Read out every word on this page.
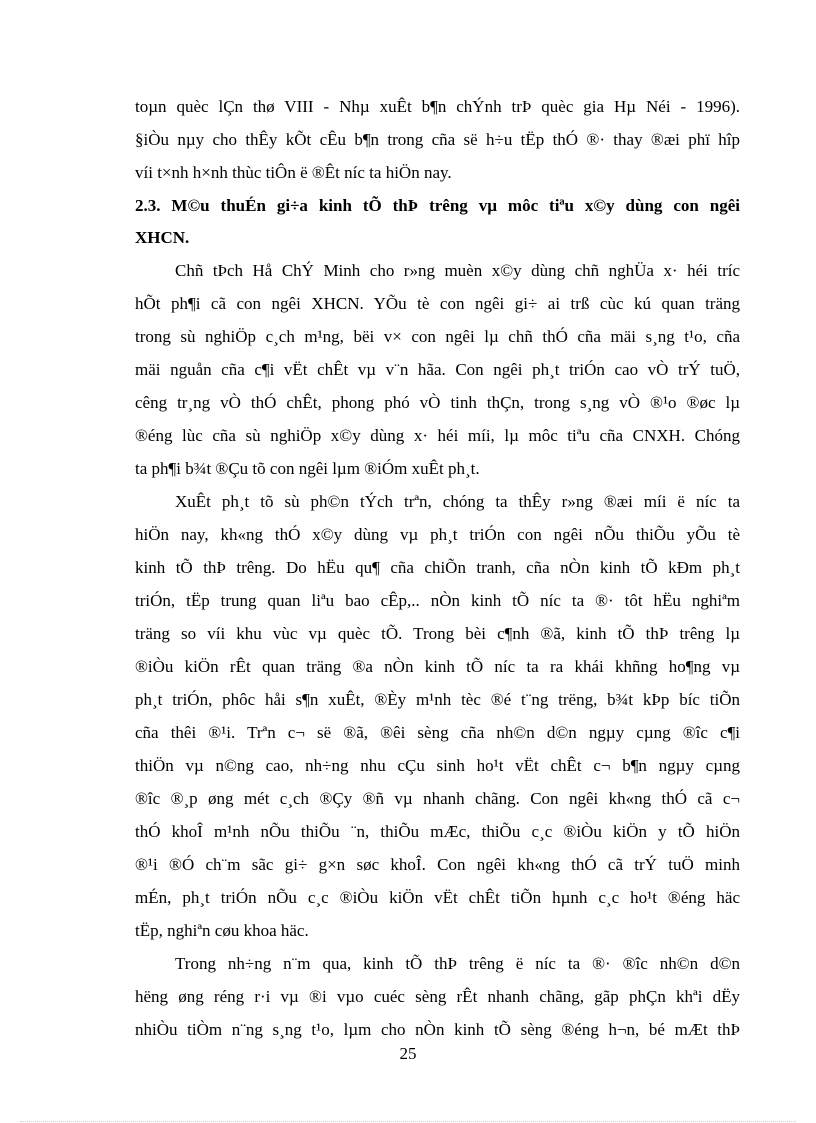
toµn quèc lÇn thø VIII - Nhµ xuÊt b¶n chÝnh trÞ quèc gia Hµ Néi - 1996).
§iÒu nµy cho thÊy kÕt cÊu b¶n trong cña së h÷u tËp thÓ ®· thay ®æi phï hîp
víi t×nh h×nh thùc tiÔn ë ®Êt níc ta hiÖn nay.
2.3. M©u thuÉn gi÷a kinh tÕ thÞ trêng vµ môc tiªu x©y dùng con ngêi
XHCN.
Chñ tÞch Hå ChÝ Minh cho r»ng muèn x©y dùng chñ nghÜa x· héi tríc
hÕt ph¶i cã con ngêi XHCN. YÕu tè con ngêi gi÷ ai trß cùc kú quan träng
trong sù nghiÖp c¸ch m¹ng, bëi v× con ngêi lµ chñ thÓ cña mäi s¸ng t¹o, cña
mäi nguån cña c¶i vËt chÊt vµ v¨n hãa. Con ngêi ph¸t triÓn cao vÒ trÝ tuÖ,
cêng tr¸ng vÒ thÓ chÊt, phong phó vÒ tinh thÇn, trong s¸ng vÒ ®¹o ®øc lµ
®éng lùc cña sù nghiÖp x©y dùng x· héi míi, lµ môc tiªu cña CNXH. Chóng
ta ph¶i b¾t ®Çu tõ con ngêi lµm ®iÓm xuÊt ph¸t.
XuÊt ph¸t tõ sù ph©n tÝch trªn, chóng ta thÊy r»ng ®æi míi ë níc ta
hiÖn nay, kh«ng thÓ x©y dùng vµ ph¸t triÓn con ngêi nÕu thiÕu yÕu tè
kinh tÕ thÞ trêng. Do hËu qu¶ cña chiÕn tranh, cña nÒn kinh tÕ kÐm ph¸t
triÓn, tËp trung quan liªu bao cÊp,.. nÒn kinh tÕ níc ta ®· tôt hËu nghiªm
träng so víi khu vùc vµ quèc tÕ. Trong bèi c¶nh ®ã, kinh tÕ thÞ trêng lµ
®iÒu kiÖn rÊt quan träng ®a nÒn kinh tÕ níc ta ra khái khñng ho¶ng vµ
ph¸t triÓn, phôc håi s¶n xuÊt, ®Èy m¹nh tèc ®é t¨ng trëng, b¾t kÞp bíc tiÕn
cña thêi ®¹i. Trªn c¬ së ®ã, ®êi sèng cña nh©n d©n ngµy cµng ®îc c¶i
thiÖn vµ n©ng cao, nh÷ng nhu cÇu sinh ho¹t vËt chÊt c¬ b¶n ngµy cµng
®îc ®¸p øng mét c¸ch ®Çy ®ñ vµ nhanh chãng. Con ngêi kh«ng thÓ cã c¬
thÓ khoÎ m¹nh nÕu thiÕu ¨n, thiÕu mÆc, thiÕu c¸c ®iÒu kiÖn y tÕ hiÖn
®¹i ®Ó ch¨m sãc gi÷ g×n søc khoÎ. Con ngêi kh«ng thÓ cã trÝ tuÖ minh
mÉn, ph¸t triÓn nÕu c¸c ®iÒu kiÖn vËt chÊt tiÕn hµnh c¸c ho¹t ®éng häc
tËp, nghiªn cøu khoa häc.
Trong nh÷ng n¨m qua, kinh tÕ thÞ trêng ë níc ta ®· ®îc nh©n d©n
hëng øng réng r·i vµ ®i vµo cuéc sèng rÊt nhanh chãng, gãp phÇn khªi dËy
nhiÒu tiÒm n¨ng s¸ng t¹o, lµm cho nÒn kinh tÕ sèng ®éng h¬n, bé mÆt thÞ
25
